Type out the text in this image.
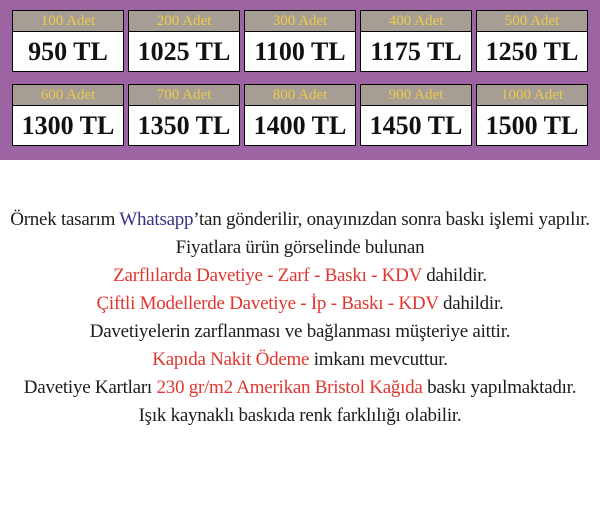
100 Adet
950 TL
200 Adet
1025 TL
300 Adet
1100 TL
400 Adet
1175 TL
500 Adet
1250 TL
600 Adet
1300 TL
700 Adet
1350 TL
800 Adet
1400 TL
900 Adet
1450 TL
1000 Adet
1500 TL

Örnek tasarım Whatsapp’tan gönderilir, onayınızdan sonra baskı işlemi yapılır.

Fiyatlara ürün görselinde bulunan

Zarflılarda Davetiye - Zarf - Baskı - KDV dahildir.

Çiftli Modellerde Davetiye - İp - Baskı - KDV dahildir.

Davetiyelerin zarflanması ve bağlanması müşteriye aittir.

Kapıda Nakit Ödeme imkanı mevcuttur.

Davetiye Kartları 230 gr/m2 Amerikan Bristol Kağıda baskı yapılmaktadır.

Işık kaynaklı baskıda renk farklılığı olabilir.
